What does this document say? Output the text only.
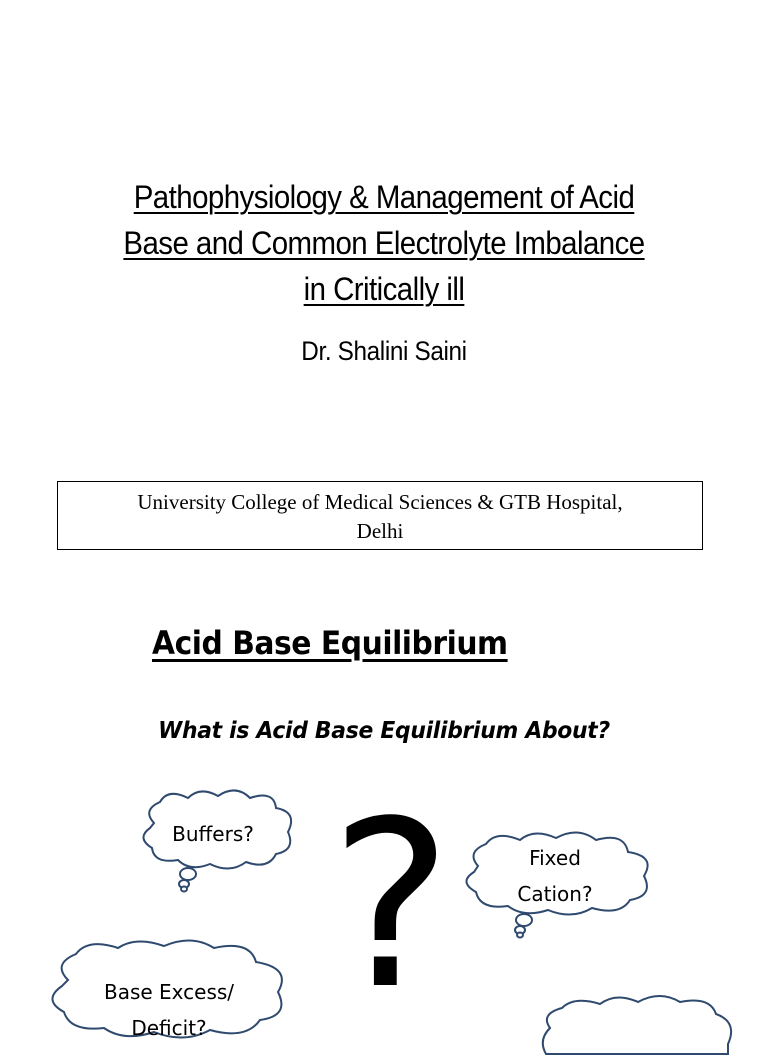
Pathophysiology & Management of Acid
Base and Common Electrolyte Imbalance
in Critically ill
Dr. Shalini Saini
University College of Medical Sciences & GTB Hospital,
Delhi
Acid Base Equilibrium
What is Acid Base Equilibrium About?
?
Buffers?
Fixed
Cation?
Base Excess/
Deficit?
